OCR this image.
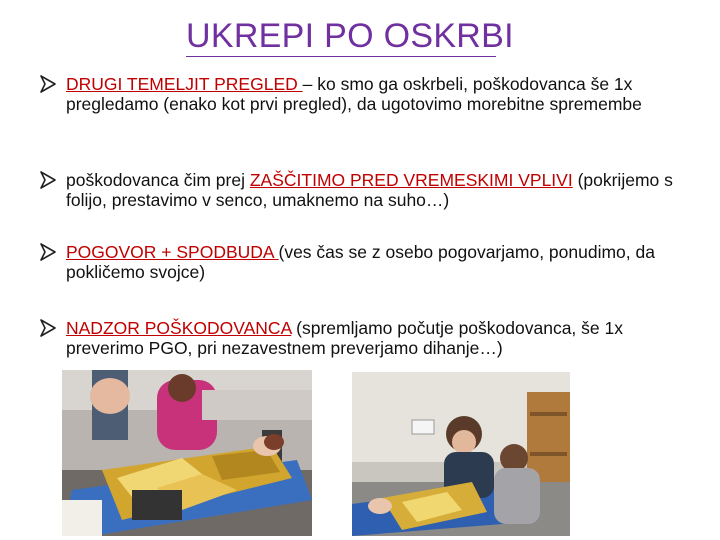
UKREPI PO OSKRBI
DRUGI TEMELJIT PREGLED – ko smo ga oskrbeli, poškodovanca še 1x pregledamo (enako kot prvi pregled), da ugotovimo morebitne spremembe
poškodovanca čim prej ZAŠČITIMO PRED VREMESKIMI VPLIVI (pokrijemo s folijo, prestavimo v senco, umaknemo na suho…)
POGOVOR + SPODBUDA (ves čas se z osebo pogovarjamo, ponudimo, da pokličemo svojce)
NADZOR POŠKODOVANCA (spremljamo počutje poškodovanca, še 1x preverimo PGO, pri nezavestnem preverjamo dihanje…)
